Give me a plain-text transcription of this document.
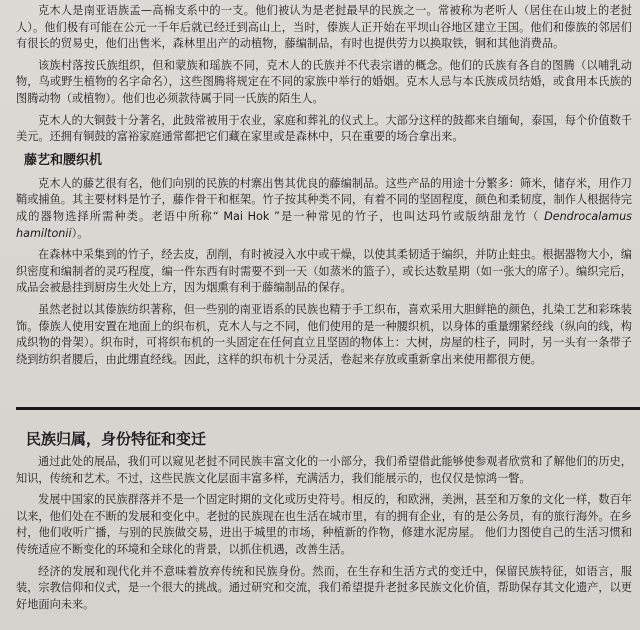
克木人是南亚语族孟—高棉支系中的一支。他们被认为是老挝最早的民族之一。常被称为老听人（居住在山坡上的老挝人）。他们极有可能在公元一千年后就已经迁到高山上，当时，傣族人正开始在平坝山谷地区建立王国。他们和傣族的邻居们有很长的贸易史，他们出售米，森林里出产的动植物，藤编制品，有时也提供劳力以换取铁，铜和其他消费品。

该族村落按氏族组织，但和蒙族和瑶族不同，克木人的氏族并不代表宗谱的概念。他们的氏族有各自的图腾（以哺乳动物，鸟或野生植物的名字命名），这些图腾将规定在不同的家族中举行的婚姻。克木人忌与本氏族成员结婚，或食用本氏族的图腾动物（或植物）。他们也必须款待属于同一氏族的陌生人。

克木人的大铜鼓十分著名，此鼓常被用于农业，家庭和葬礼的仪式上。大部分这样的鼓都来自缅甸，泰国，每个价值数千美元。还拥有铜鼓的富裕家庭通常都把它们藏在家里或是森林中，只在重要的场合拿出来。

藤艺和腰织机

克木人的藤艺很有名，他们向别的民族的村寨出售其优良的藤编制品。这些产品的用途十分繁多：筛米，储存米，用作刀鞘或捕鱼。其主要材料是竹子，藤作骨干和框架。竹子按其种类不同，有着不同的坚固程度，颜色和柔韧度，制作人根据待完成的器物选择所需种类。老语中所称“ Mai Hok ”是一种常见的竹子，也叫达玛竹或版纳甜龙竹（ Dendrocalamus hamiltonii）。

在森林中采集到的竹子，经去皮，刮削，有时被浸入水中或干燥，以使其柔韧适于编织，并防止蛀虫。根据器物大小，编织密度和编制者的灵巧程度，编一件东西有时需要不到一天（如蒸米的篮子），或长达数星期（如一张大的席子）。编织完后，成品会被悬挂到厨房生火处上方，因为烟熏有利于藤编制品的保存。

虽然老挝以其傣族纺织著称，但一些别的南亚语系的民族也精于手工织布，喜欢采用大胆鲜艳的颜色，扎染工艺和彩珠装饰。傣族人使用安置在地面上的织布机，克木人与之不同，他们使用的是一种腰织机，以身体的重量绷紧经线（纵向的线，构成织物的骨架）。织布时，可将织布机的一头固定在任何直立且坚固的物体上：大树，房屋的柱子，同时，另一头有一条带子绕到纺织者腰后，由此绷直经线。因此，这样的织布机十分灵活，卷起来存放或重新拿出来使用都很方便。

民族归属，身份特征和变迁

通过此处的展品，我们可以窥见老挝不同民族丰富文化的一小部分，我们希望借此能够使参观者欣赏和了解他们的历史，知识，传统和艺术。不过，这些民族文化层面丰富多样，充满活力，我们能展示的，也仅仅是惊鸿一瞥。

发展中国家的民族群落并不是一个固定时期的文化或历史符号。相反的，和欧洲，美洲，甚至和万象的文化一样，数百年以来，他们处在不断的发展和变化中。老挝的民族现在也生活在城市里，有的拥有企业，有的是公务员，有的旅行海外。在乡村，他们收听广播，与别的民族做交易，进出于城里的市场，种植新的作物，修建水泥房屋。 他们力图使自己的生活习惯和传统适应不断变化的环境和全球化的背景，以抓住机遇，改善生活。

经济的发展和现代化并不意味着放弃传统和民族身份。然而，在生存和生活方式的变迁中，保留民族特征，如语言，服装，宗教信仰和仪式，是一个很大的挑战。通过研究和交流，我们希望提升老挝多民族文化价值，帮助保存其文化遗产，以更好地面向未来。
